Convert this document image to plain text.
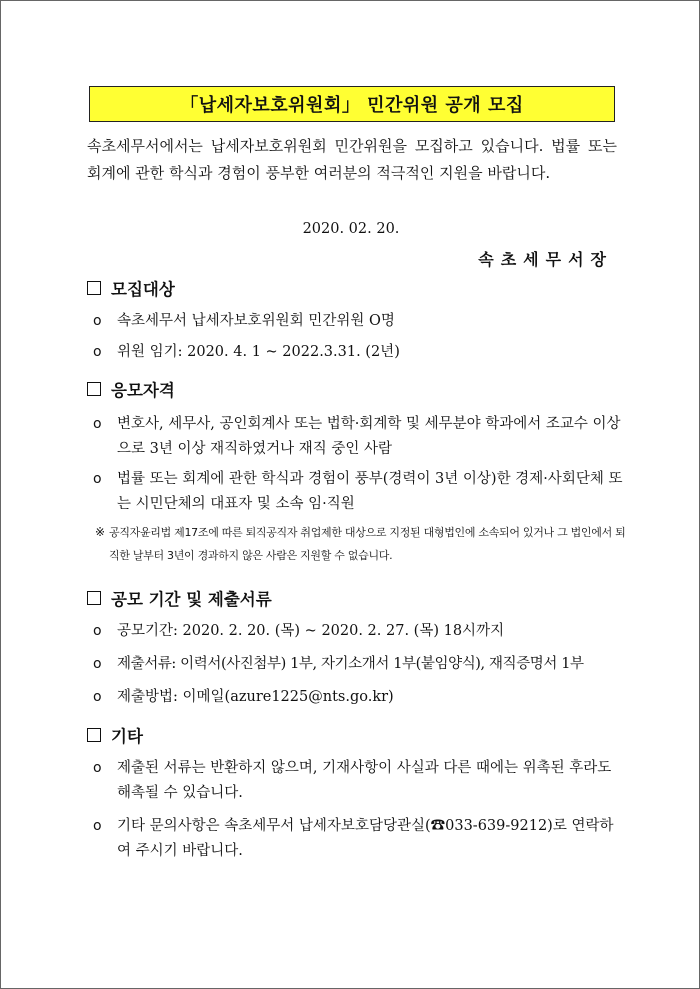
「납세자보호위원회」 민간위원 공개 모집
속초세무서에서는 납세자보호위원회 민간위원을 모집하고 있습니다. 법률 또는 회계에 관한 학식과 경험이 풍부한 여러분의 적극적인 지원을 바랍니다.
2020. 02. 20.
속초세무서장
모집대상
o 속초세무서 납세자보호위원회 민간위원 O명
o 위원 임기: 2020. 4. 1 ~ 2022.3.31. (2년)
응모자격
o 변호사, 세무사, 공인회계사 또는 법학·회계학 및 세무분야 학과에서 조교수 이상으로 3년 이상 재직하였거나 재직 중인 사람
o 법률 또는 회계에 관한 학식과 경험이 풍부(경력이 3년 이상)한 경제·사회단체 또는 시민단체의 대표자 및 소속 임·직원
※ 공직자윤리법 제17조에 따른 퇴직공직자 취업제한 대상으로 지정된 대형법인에 소속되어 있거나 그 법인에서 퇴직한 날부터 3년이 경과하지 않은 사람은 지원할 수 없습니다.
공모 기간 및 제출서류
o 공모기간: 2020. 2. 20. (목) ~ 2020. 2. 27. (목) 18시까지
o 제출서류: 이력서(사진첨부) 1부, 자기소개서 1부(붙임양식), 재직증명서 1부
o 제출방법: 이메일(azure1225@nts.go.kr)
기타
o 제출된 서류는 반환하지 않으며, 기재사항이 사실과 다른 때에는 위촉된 후라도 해촉될 수 있습니다.
o 기타 문의사항은 속초세무서 납세자보호담당관실(☎033-639-9212)로 연락하여 주시기 바랍니다.
